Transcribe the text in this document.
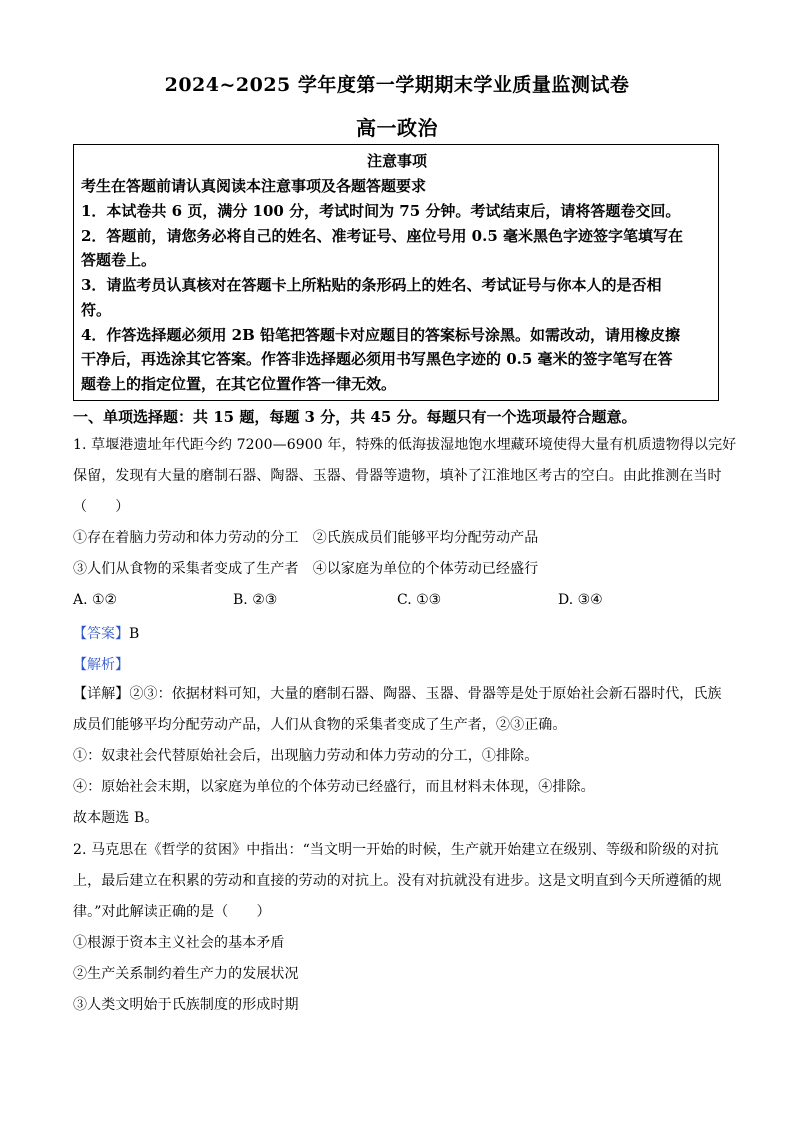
2024~2025 学年度第一学期期末学业质量监测试卷
高一政治
注意事项
考生在答题前请认真阅读本注意事项及各题答题要求
1．本试卷共 6 页，满分 100 分，考试时间为 75 分钟。考试结束后，请将答题卷交回。
2．答题前，请您务必将自己的姓名、准考证号、座位号用 0.5 毫米黑色字迹签字笔填写在
答题卷上。
3．请监考员认真核对在答题卡上所粘贴的条形码上的姓名、考试证号与你本人的是否相
符。
4．作答选择题必须用 2B 铅笔把答题卡对应题目的答案标号涂黑。如需改动，请用橡皮擦
干净后，再选涂其它答案。作答非选择题必须用书写黑色字迹的 0.5 毫米的签字笔写在答
题卷上的指定位置，在其它位置作答一律无效。
一、单项选择题：共 15 题，每题 3 分，共 45 分。每题只有一个选项最符合题意。
1. 草堰港遗址年代距今约 7200—6900 年，特殊的低海拔湿地饱水埋藏环境使得大量有机质遗物得以完好
保留，发现有大量的磨制石器、陶器、玉器、骨器等遗物，填补了江淮地区考古的空白。由此推测在当时
（　　）
①存在着脑力劳动和体力劳动的分工　②氏族成员们能够平均分配劳动产品
③人们从食物的采集者变成了生产者　④以家庭为单位的个体劳动已经盛行
A. ①②	B. ②③	C. ①③	D. ③④
【答案】B
【解析】
【详解】②③：依据材料可知，大量的磨制石器、陶器、玉器、骨器等是处于原始社会新石器时代，氏族
成员们能够平均分配劳动产品，人们从食物的采集者变成了生产者，②③正确。
①：奴隶社会代替原始社会后，出现脑力劳动和体力劳动的分工，①排除。
④：原始社会末期，以家庭为单位的个体劳动已经盛行，而且材料未体现，④排除。
故本题选 B。
2. 马克思在《哲学的贫困》中指出：“当文明一开始的时候，生产就开始建立在级别、等级和阶级的对抗
上，最后建立在积累的劳动和直接的劳动的对抗上。没有对抗就没有进步。这是文明直到今天所遵循的规
律。”对此解读正确的是（　　）
①根源于资本主义社会的基本矛盾
②生产关系制约着生产力的发展状况
③人类文明始于氏族制度的形成时期
